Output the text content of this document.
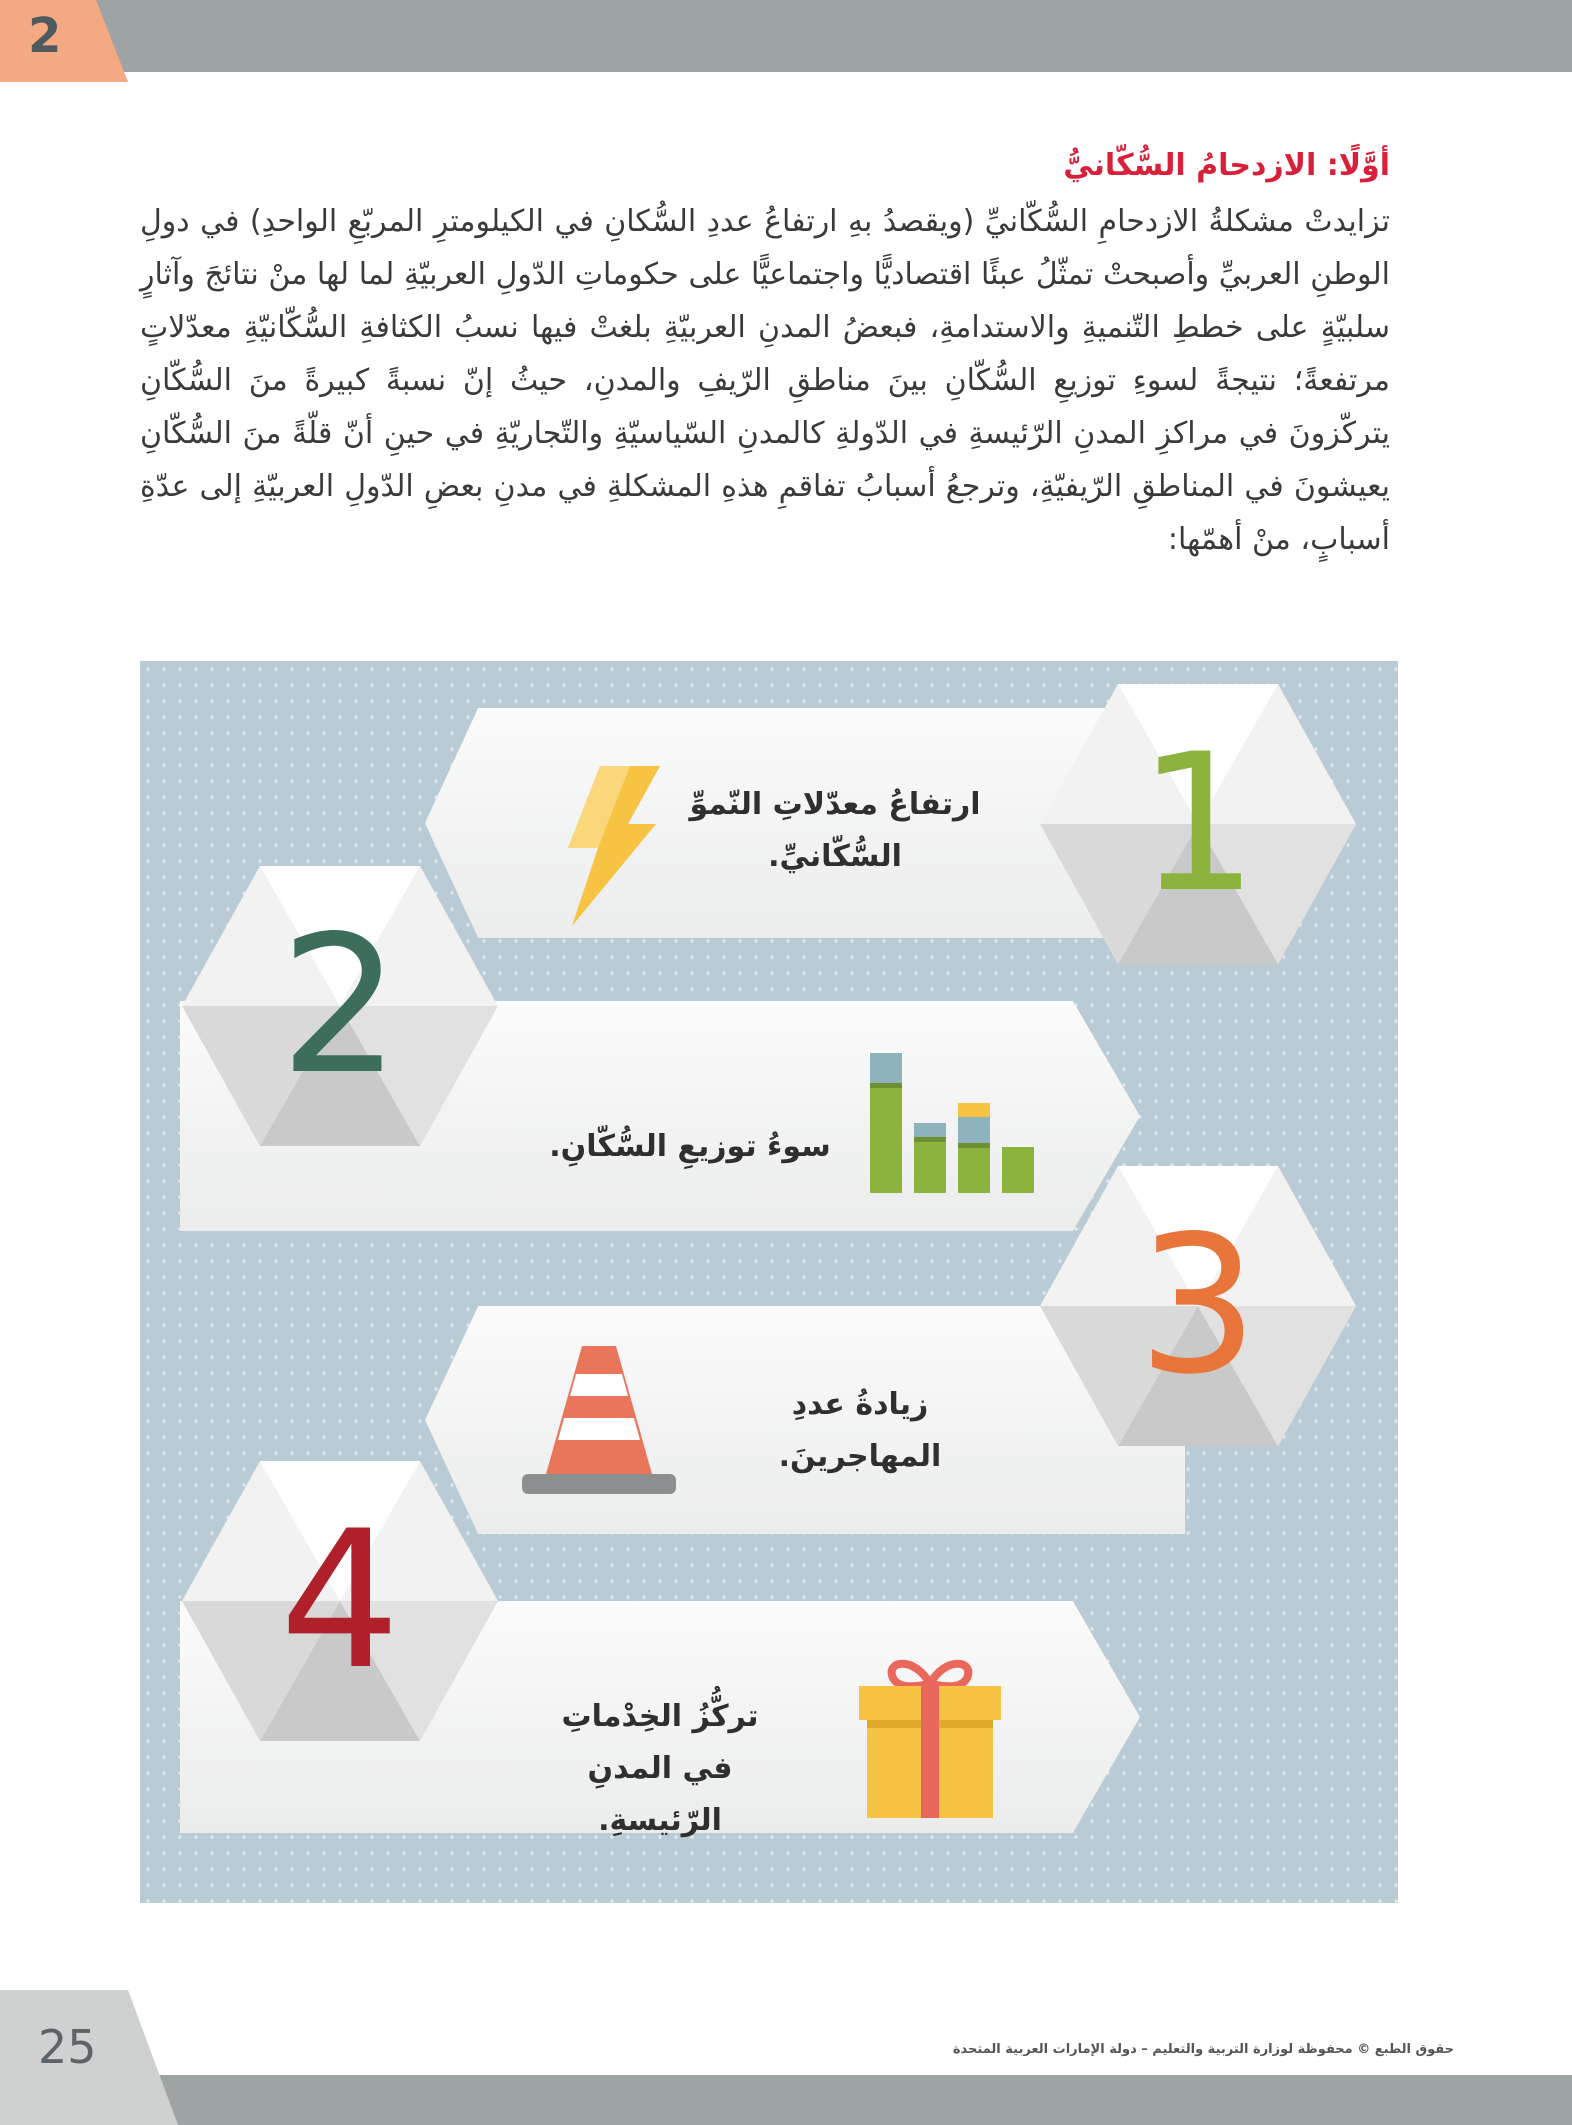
2
أوَّلًا: الازدحامُ السُّكّانيُّ
تزايدتْ مشكلةُ الازدحامِ السُّكّانيِّ (ويقصدُ بهِ ارتفاعُ عددِ السُّكانِ في الكيلومترِ المربّعِ الواحدِ) في دولِ الوطنِ العربيِّ وأصبحتْ تمثّلُ عبئًا اقتصاديًّا واجتماعيًّا على حكوماتِ الدّولِ العربيّةِ لما لها منْ نتائجَ وآثارٍ سلبيّةٍ على خططِ التّنميةِ والاستدامةِ، فبعضُ المدنِ العربيّةِ بلغتْ فيها نسبُ الكثافةِ السُّكّانيّةِ معدّلاتٍ مرتفعةً؛ نتيجةً لسوءِ توزيعِ السُّكّانِ بينَ مناطقِ الرّيفِ والمدنِ، حيثُ إنّ نسبةً كبيرةً منَ السُّكّانِ يتركّزونَ في مراكزِ المدنِ الرّئيسةِ في الدّولةِ كالمدنِ السّياسيّةِ والتّجاريّةِ في حينِ أنّ قلّةً منَ السُّكّانِ يعيشونَ في المناطقِ الرّيفيّةِ، وترجعُ أسبابُ تفاقمِ هذهِ المشكلةِ في مدنِ بعضِ الدّولِ العربيّةِ إلى عدّةِ أسبابٍ، منْ أهمّها:
1
ارتفاعُ معدّلاتِ النّموِّ السُّكّانيِّ.
2
سوءُ توزيعِ السُّكّانِ.
3
زيادةُ عددِ المهاجرينَ.
4
تركُّزُ الخِدْماتِ في المدنِ الرّئيسةِ.
25	حقوق الطبع © محفوظة لوزارة التربية والتعليم – دولة الإمارات العربية المتحدة
